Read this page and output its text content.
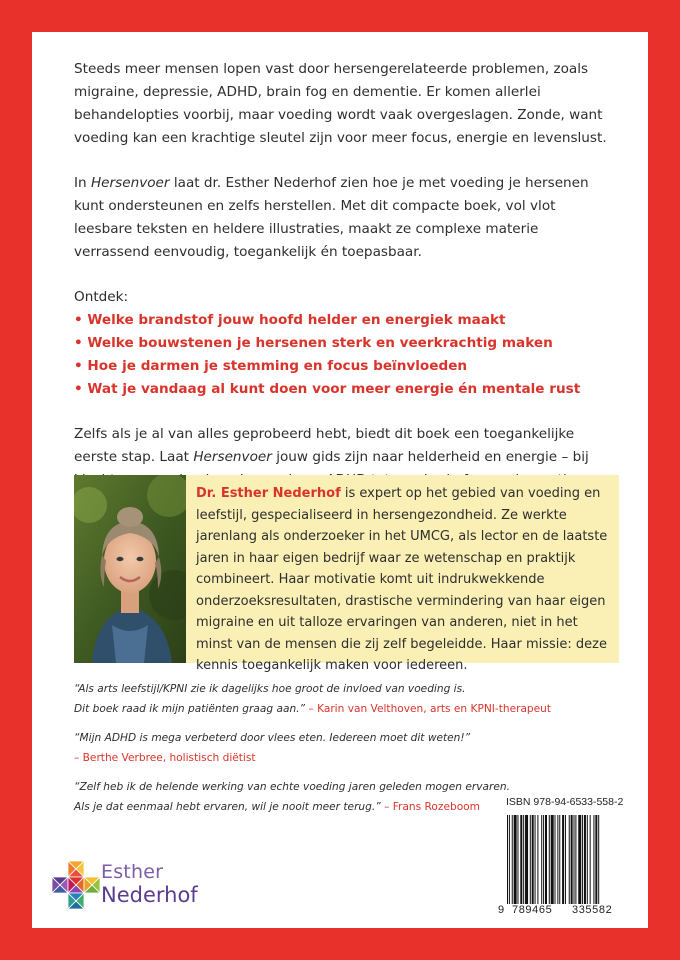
Steeds meer mensen lopen vast door hersengerelateerde problemen, zoals migraine, depressie, ADHD, brain fog en dementie. Er komen allerlei behandelopties voorbij, maar voeding wordt vaak overgeslagen. Zonde, want voeding kan een krachtige sleutel zijn voor meer focus, energie en levenslust.

In Hersenvoer laat dr. Esther Nederhof zien hoe je met voeding je hersenen kunt ondersteunen en zelfs herstellen. Met dit compacte boek, vol vlot leesbare teksten en heldere illustraties, maakt ze complexe materie verrassend eenvoudig, toegankelijk én toepasbaar.

Ontdek:
• Welke brandstof jouw hoofd helder en energiek maakt
• Welke bouwstenen je hersenen sterk en veerkrachtig maken
• Hoe je darmen je stemming en focus beïnvloeden
• Wat je vandaag al kunt doen voor meer energie én mentale rust

Zelfs als je al van alles geprobeerd hebt, biedt dit boek een toegankelijke eerste stap. Laat Hersenvoer jouw gids zijn naar helderheid en energie – bij

Dr. Esther Nederhof is expert op het gebied van voeding en leefstijl, gespecialiseerd in hersengezondheid. Ze werkte jarenlang als onderzoeker in het UMCG, als lector en de laatste jaren in haar eigen bedrijf waar ze wetenschap en praktijk combineert. Haar motivatie komt uit indrukwekkende onderzoeksresultaten, drastische vermindering van haar eigen migraine en uit talloze ervaringen van anderen, niet in het minst van de mensen die zij zelf begeleidde. Haar missie: deze kennis toegankelijk maken voor iedereen.
“Als arts leefstijl/KPNI zie ik dagelijks hoe groot de invloed van voeding is.
Dit boek raad ik mijn patiënten graag aan.” – Karin van Velthoven, arts en KPNI-therapeut
“Mijn ADHD is mega verbeterd door vlees eten. Iedereen moet dit weten!”
– Berthe Verbree, holistisch diëtist
“Zelf heb ik de helende werking van echte voeding jaren geleden mogen ervaren.
Als je dat eenmaal hebt ervaren, wil je nooit meer terug.” – Frans Rozeboom
Esther
Nederhof
ISBN 978-94-6533-558-2
9 789465 335582
